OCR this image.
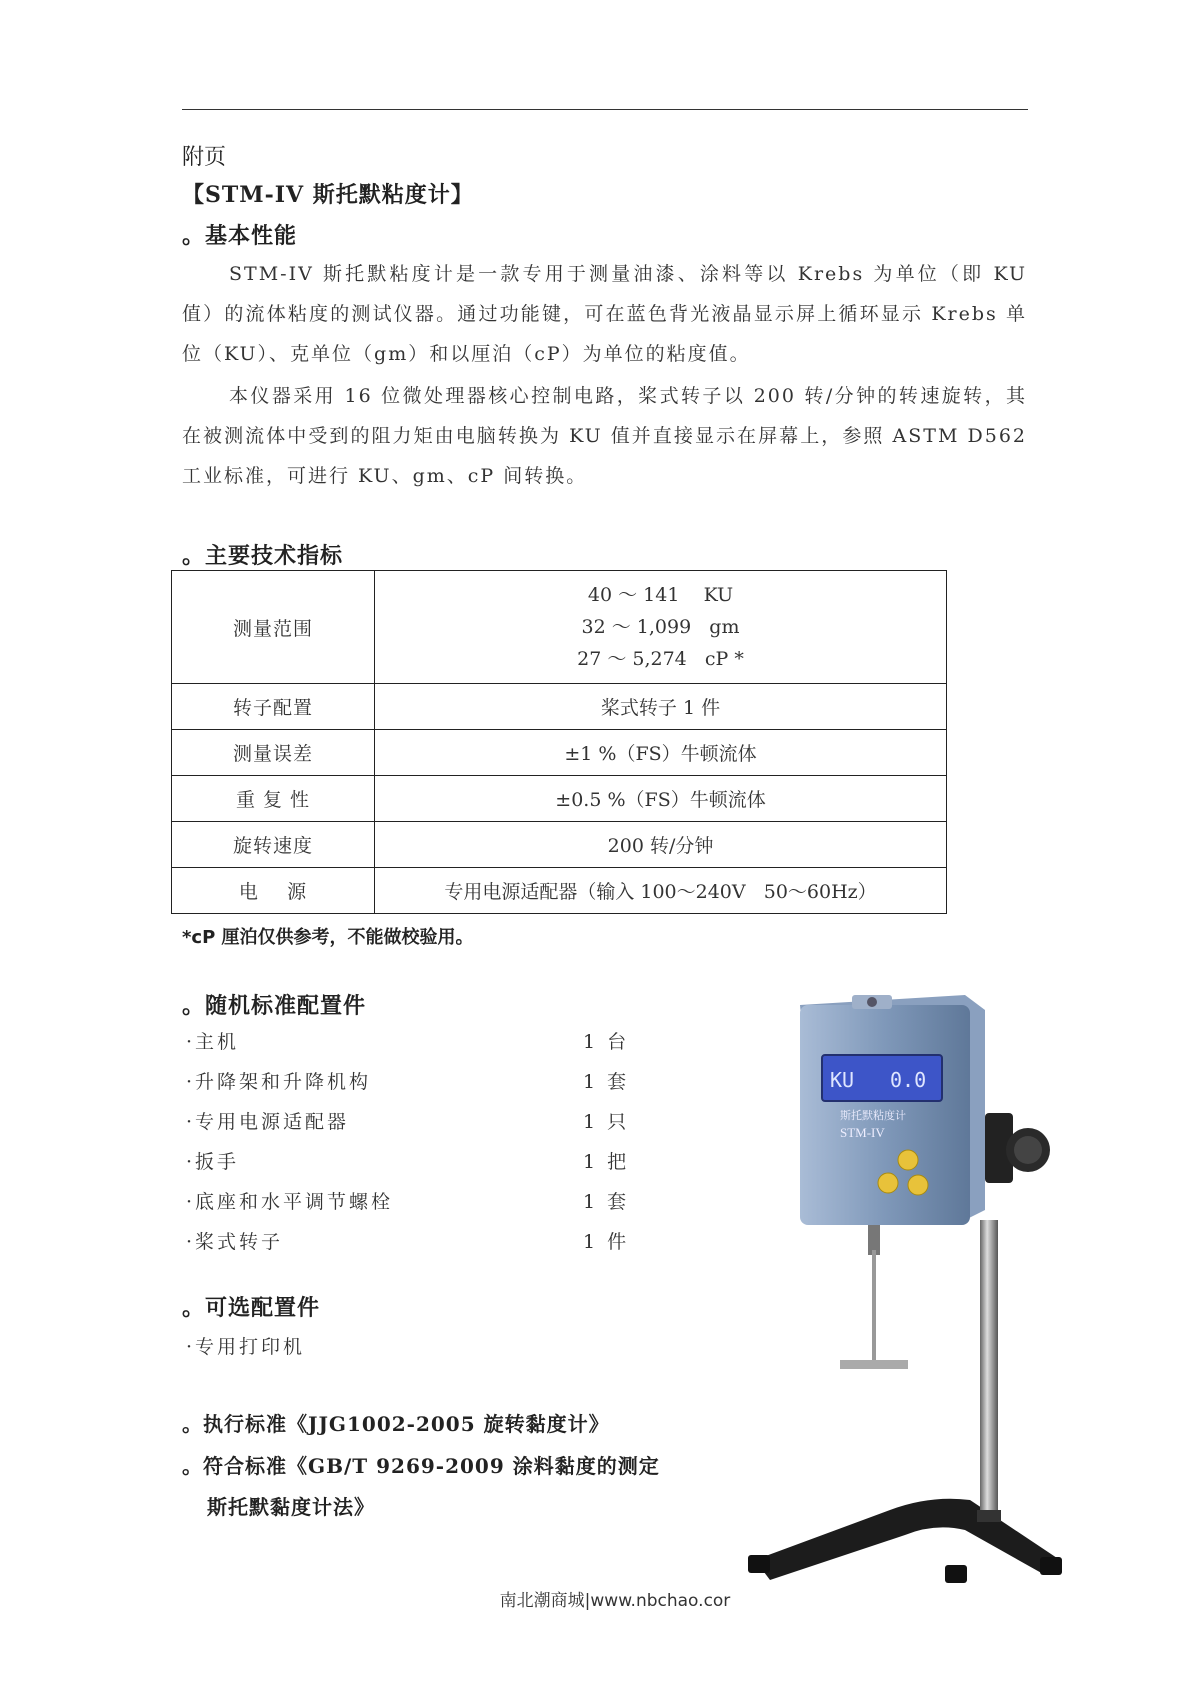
附页
【STM-IV 斯托默粘度计】
。基本性能
STM-IV 斯托默粘度计是一款专用于测量油漆、涂料等以 Krebs 为单位（即 KU 值）的流体粘度的测试仪器。通过功能键，可在蓝色背光液晶显示屏上循环显示 Krebs 单位（KU）、克单位（gm）和以厘泊（cP）为单位的粘度值。
本仪器采用 16 位微处理器核心控制电路，桨式转子以 200 转/分钟的转速旋转，其在被测流体中受到的阻力矩由电脑转换为 KU 值并直接显示在屏幕上，参照 ASTM D562 工业标准，可进行 KU、gm、cP 间转换。
。主要技术指标
测量范围	40 ～ 141    KU
32 ～ 1,099   gm
27 ～ 5,274   cP *

转子配置	桨式转子 1 件
测量误差	±1 %（FS）牛顿流体
重 复 性	±0.5 %（FS）牛顿流体
旋转速度	200 转/分钟
电    源	专用电源适配器（输入 100～240V   50～60Hz）
*cP 厘泊仅供参考，不能做校验用。
。随机标准配置件
·主机	1 台
·升降架和升降机构	1 套
·专用电源适配器	1 只
·扳手	1 把
·底座和水平调节螺栓	1 套
·桨式转子	1 件
。可选配置件
·专用打印机
。执行标准《JJG1002-2005 旋转黏度计》
。符合标准《GB/T 9269-2009 涂料黏度的测定
斯托默黏度计法》
KU 0.0
斯托默粘度计
STM-IV
南北潮商城|www.nbchao.cor
